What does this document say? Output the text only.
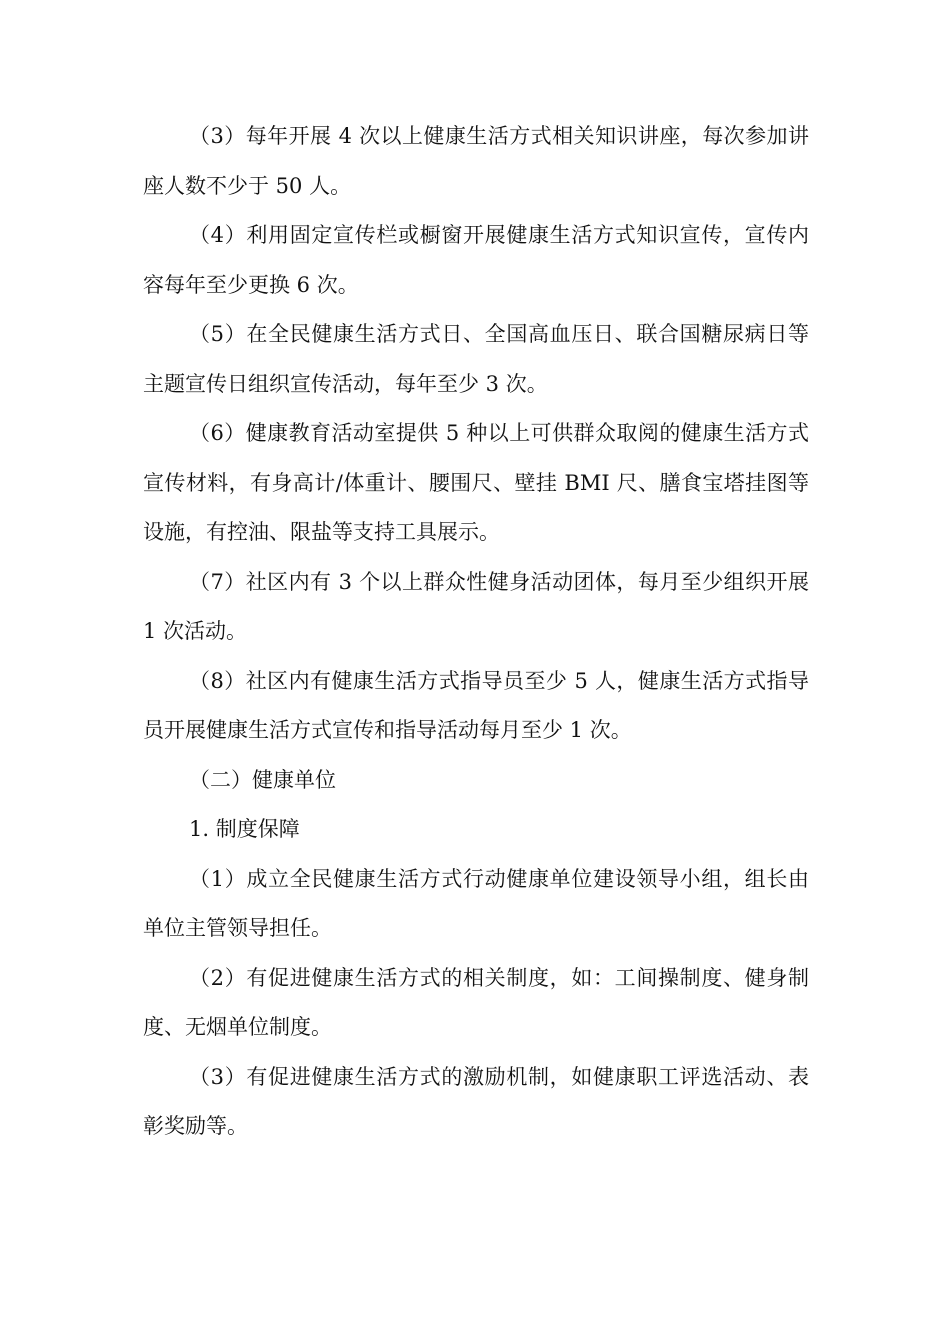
（3）每年开展 4 次以上健康生活方式相关知识讲座，每次参加讲座人数不少于 50 人。

（4）利用固定宣传栏或橱窗开展健康生活方式知识宣传，宣传内容每年至少更换 6 次。

（5）在全民健康生活方式日、全国高血压日、联合国糖尿病日等主题宣传日组织宣传活动，每年至少 3 次。

（6）健康教育活动室提供 5 种以上可供群众取阅的健康生活方式宣传材料，有身高计/体重计、腰围尺、壁挂 BMI 尺、膳食宝塔挂图等设施，有控油、限盐等支持工具展示。

（7）社区内有 3 个以上群众性健身活动团体，每月至少组织开展 1 次活动。

（8）社区内有健康生活方式指导员至少 5 人，健康生活方式指导员开展健康生活方式宣传和指导活动每月至少 1 次。

（二）健康单位

1. 制度保障

（1）成立全民健康生活方式行动健康单位建设领导小组，组长由单位主管领导担任。

（2）有促进健康生活方式的相关制度，如：工间操制度、健身制度、无烟单位制度。

（3）有促进健康生活方式的激励机制，如健康职工评选活动、表彰奖励等。
